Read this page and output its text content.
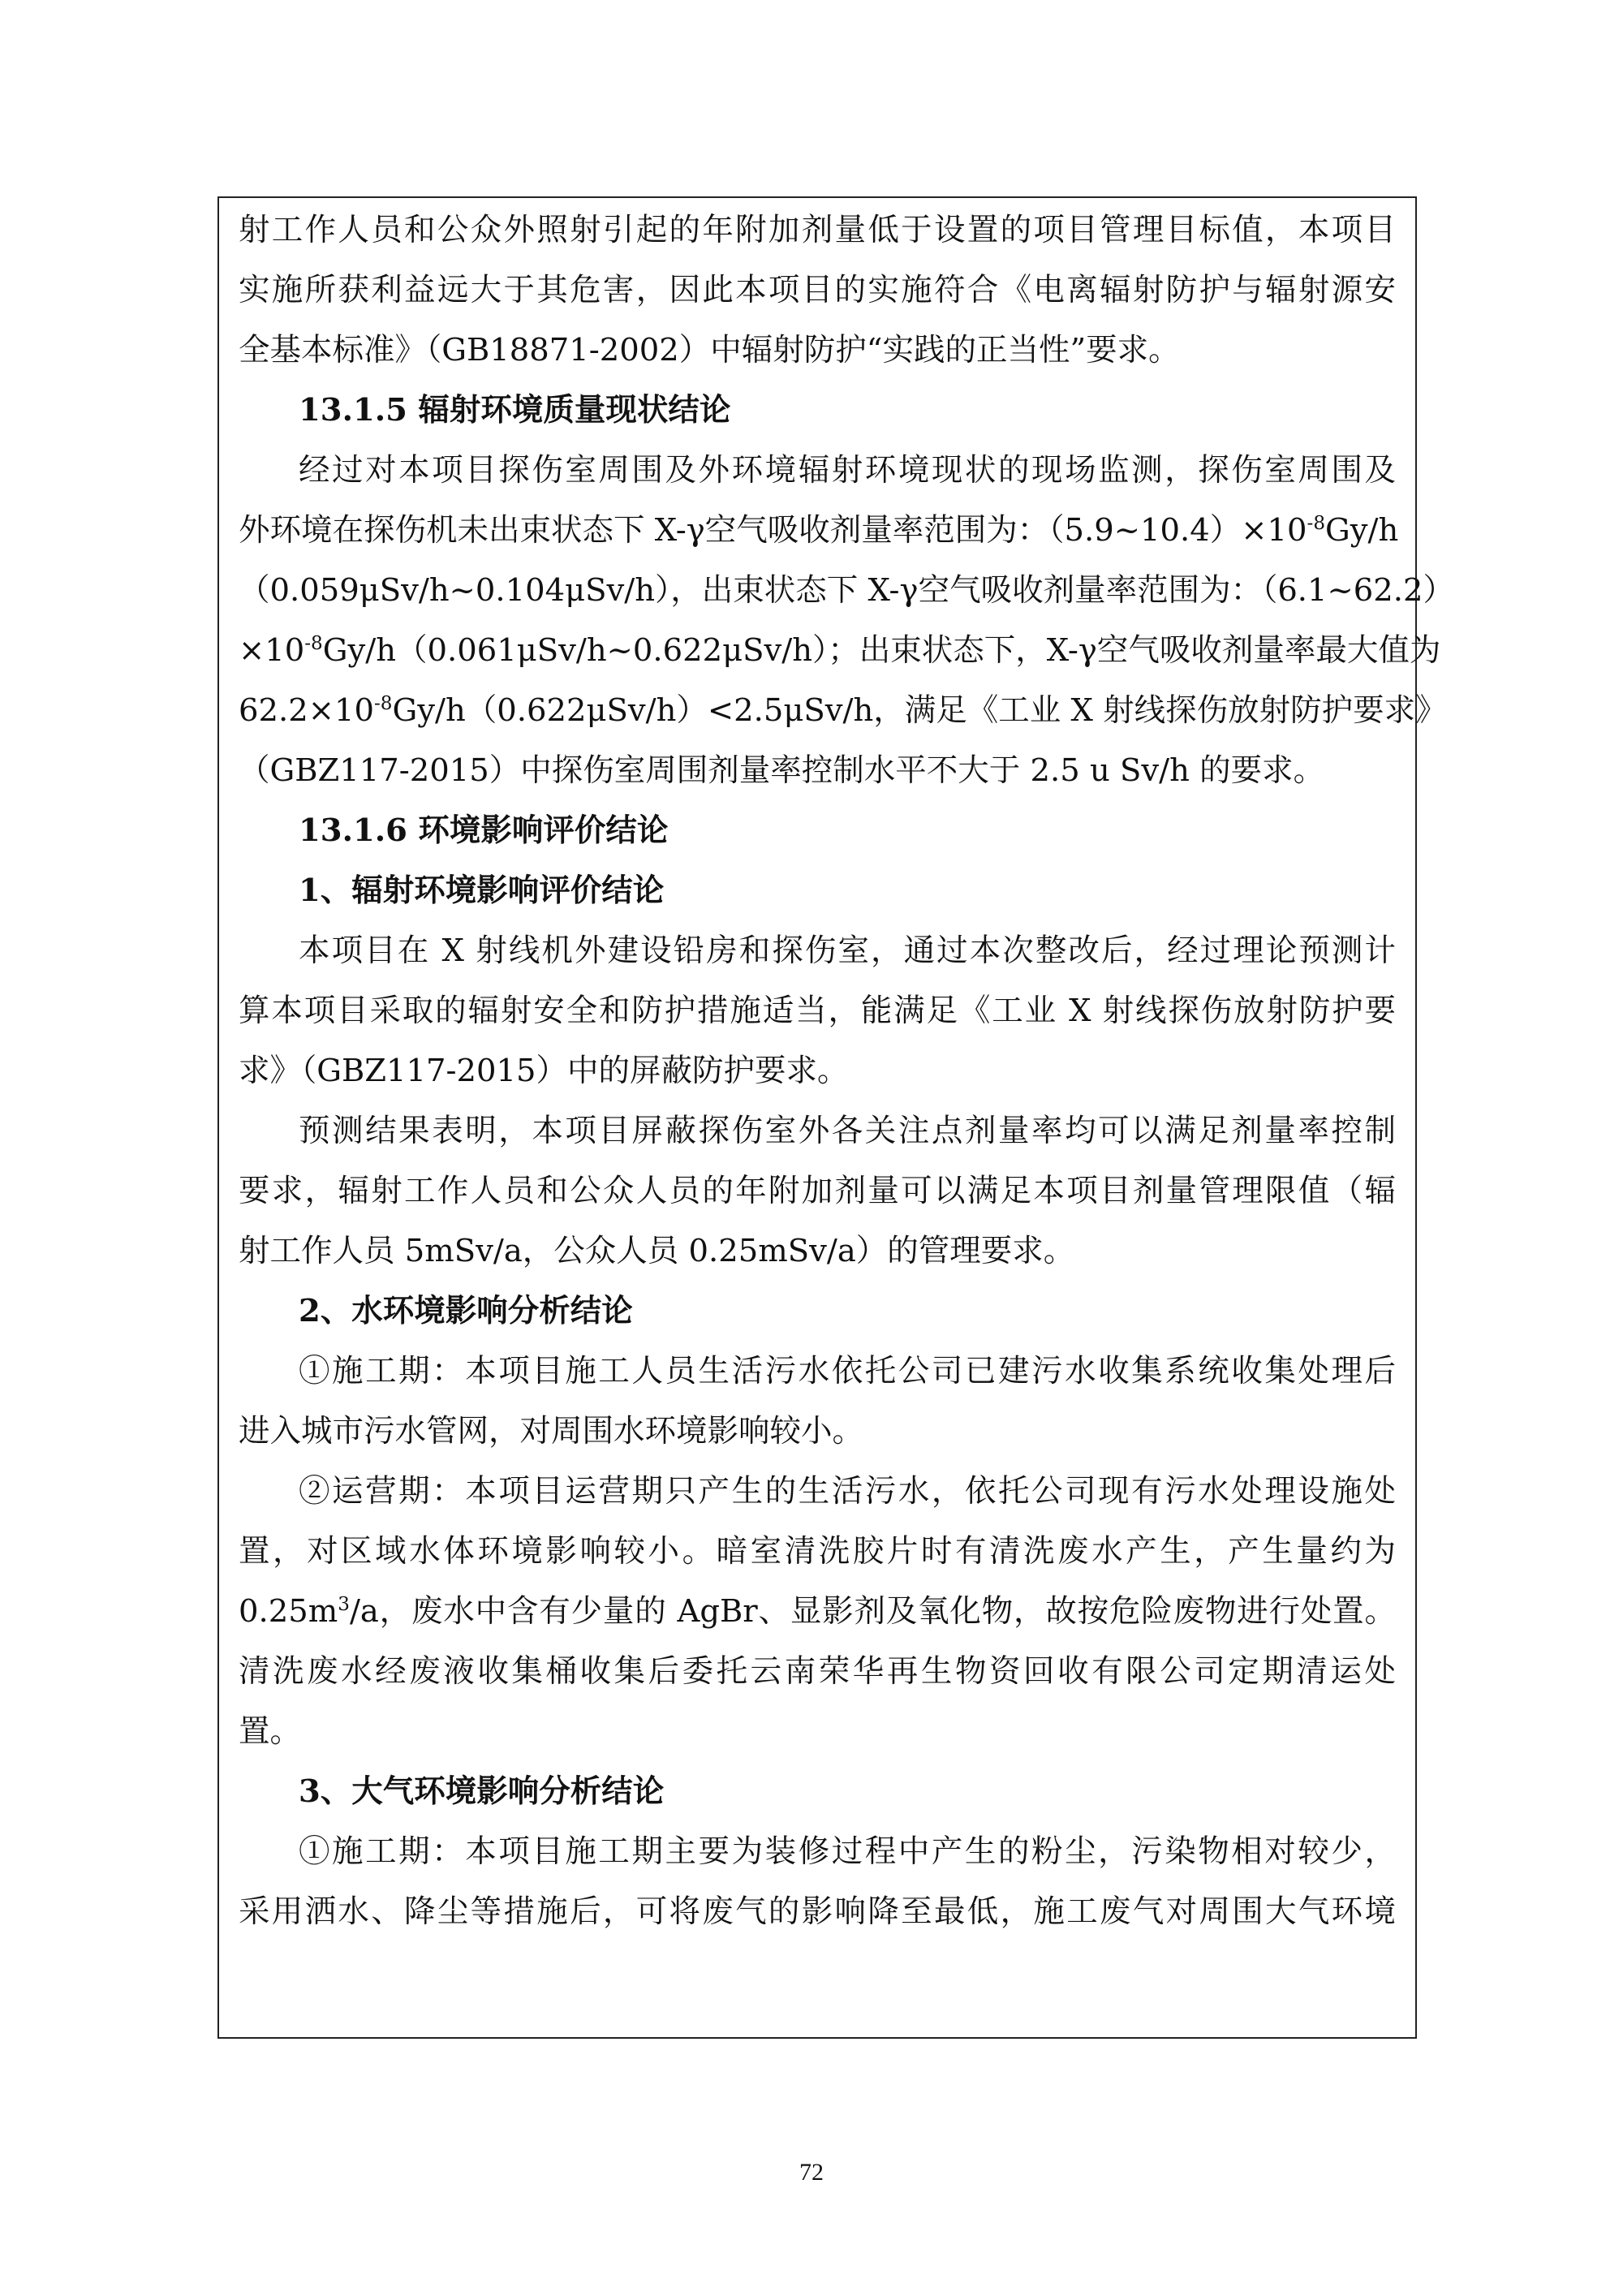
射工作人员和公众外照射引起的年附加剂量低于设置的项目管理目标值，本项目
实施所获利益远大于其危害，因此本项目的实施符合《电离辐射防护与辐射源安
全基本标准》（GB18871-2002）中辐射防护“实践的正当性”要求。
13.1.5 辐射环境质量现状结论
经过对本项目探伤室周围及外环境辐射环境现状的现场监测，探伤室周围及
外环境在探伤机未出束状态下 X-γ空气吸收剂量率范围为：$(5.9\sim 10.4)\times 10^{-8}Gy/h$
（0.059μSv/h~0.104μSv/h），出束状态下 X-γ空气吸收剂量率范围为：（6.1~62.2）
$\times 10^{-8}Gy/h(0.061\mu Sv/h\sim 0.622\mu Sv/h)$；出束状态下，X-γ空气吸收剂量率最大值为
$62.2\times 10^{-8}Gy/h(0.622\mu Sv/h)<2.5\mu Sv/h$，满足《工业 X 射线探伤放射防护要求》
（GBZ117-2015）中探伤室周围剂量率控制水平不大于 2.5 u Sv/h 的要求。
13.1.6 环境影响评价结论
1、辐射环境影响评价结论
本项目在 X 射线机外建设铅房和探伤室，通过本次整改后，经过理论预测计
算本项目采取的辐射安全和防护措施适当，能满足《工业 X 射线探伤放射防护要
求》（GBZ117-2015）中的屏蔽防护要求。
预测结果表明，本项目屏蔽探伤室外各关注点剂量率均可以满足剂量率控制
要求，辐射工作人员和公众人员的年附加剂量可以满足本项目剂量管理限值（辐
射工作人员 5mSv/a，公众人员 0.25mSv/a）的管理要求。
2、水环境影响分析结论
①施工期：本项目施工人员生活污水依托公司已建污水收集系统收集处理后
进入城市污水管网，对周围水环境影响较小。
②运营期：本项目运营期只产生的生活污水，依托公司现有污水处理设施处
置，对区域水体环境影响较小。暗室清洗胶片时有清洗废水产生，产生量约为
$0.25m^3/a$，废水中含有少量的 AgBr、显影剂及氧化物，故按危险废物进行处置。
清洗废水经废液收集桶收集后委托云南荣华再生物资回收有限公司定期清运处
置。
3、大气环境影响分析结论
①施工期：本项目施工期主要为装修过程中产生的粉尘，污染物相对较少，
采用洒水、降尘等措施后，可将废气的影响降至最低，施工废气对周围大气环境
72
